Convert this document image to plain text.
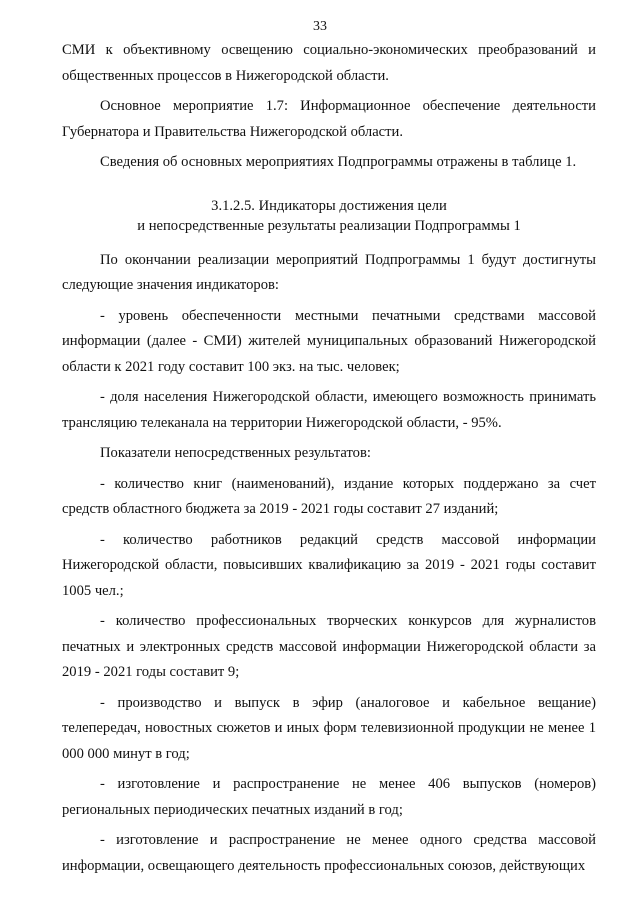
33

СМИ к объективному освещению социально-экономических преобразований и общественных процессов в Нижегородской области.

Основное мероприятие 1.7: Информационное обеспечение деятельности Губернатора и Правительства Нижегородской области.

Сведения об основных мероприятиях Подпрограммы отражены в таблице 1.

3.1.2.5. Индикаторы достижения цели
и непосредственные результаты реализации Подпрограммы 1

По окончании реализации мероприятий Подпрограммы 1 будут достигнуты следующие значения индикаторов:

- уровень обеспеченности местными печатными средствами массовой информации (далее - СМИ) жителей муниципальных образований Нижегородской области к 2021 году составит 100 экз. на тыс. человек;

- доля населения Нижегородской области, имеющего возможность принимать трансляцию телеканала на территории Нижегородской области, - 95%.

Показатели непосредственных результатов:

- количество книг (наименований), издание которых поддержано за счет средств областного бюджета за 2019 - 2021 годы составит 27 изданий;

- количество работников редакций средств массовой информации Нижегородской области, повысивших квалификацию за 2019 - 2021 годы составит 1005 чел.;

- количество профессиональных творческих конкурсов для журналистов печатных и электронных средств массовой информации Нижегородской области за 2019 - 2021 годы составит 9;

- производство и выпуск в эфир (аналоговое и кабельное вещание) телепередач, новостных сюжетов и иных форм телевизионной продукции не менее 1 000 000 минут в год;

- изготовление и распространение не менее 406 выпусков (номеров) региональных периодических печатных изданий в год;

- изготовление и распространение не менее одного средства массовой информации, освещающего деятельность профессиональных союзов, действующих
